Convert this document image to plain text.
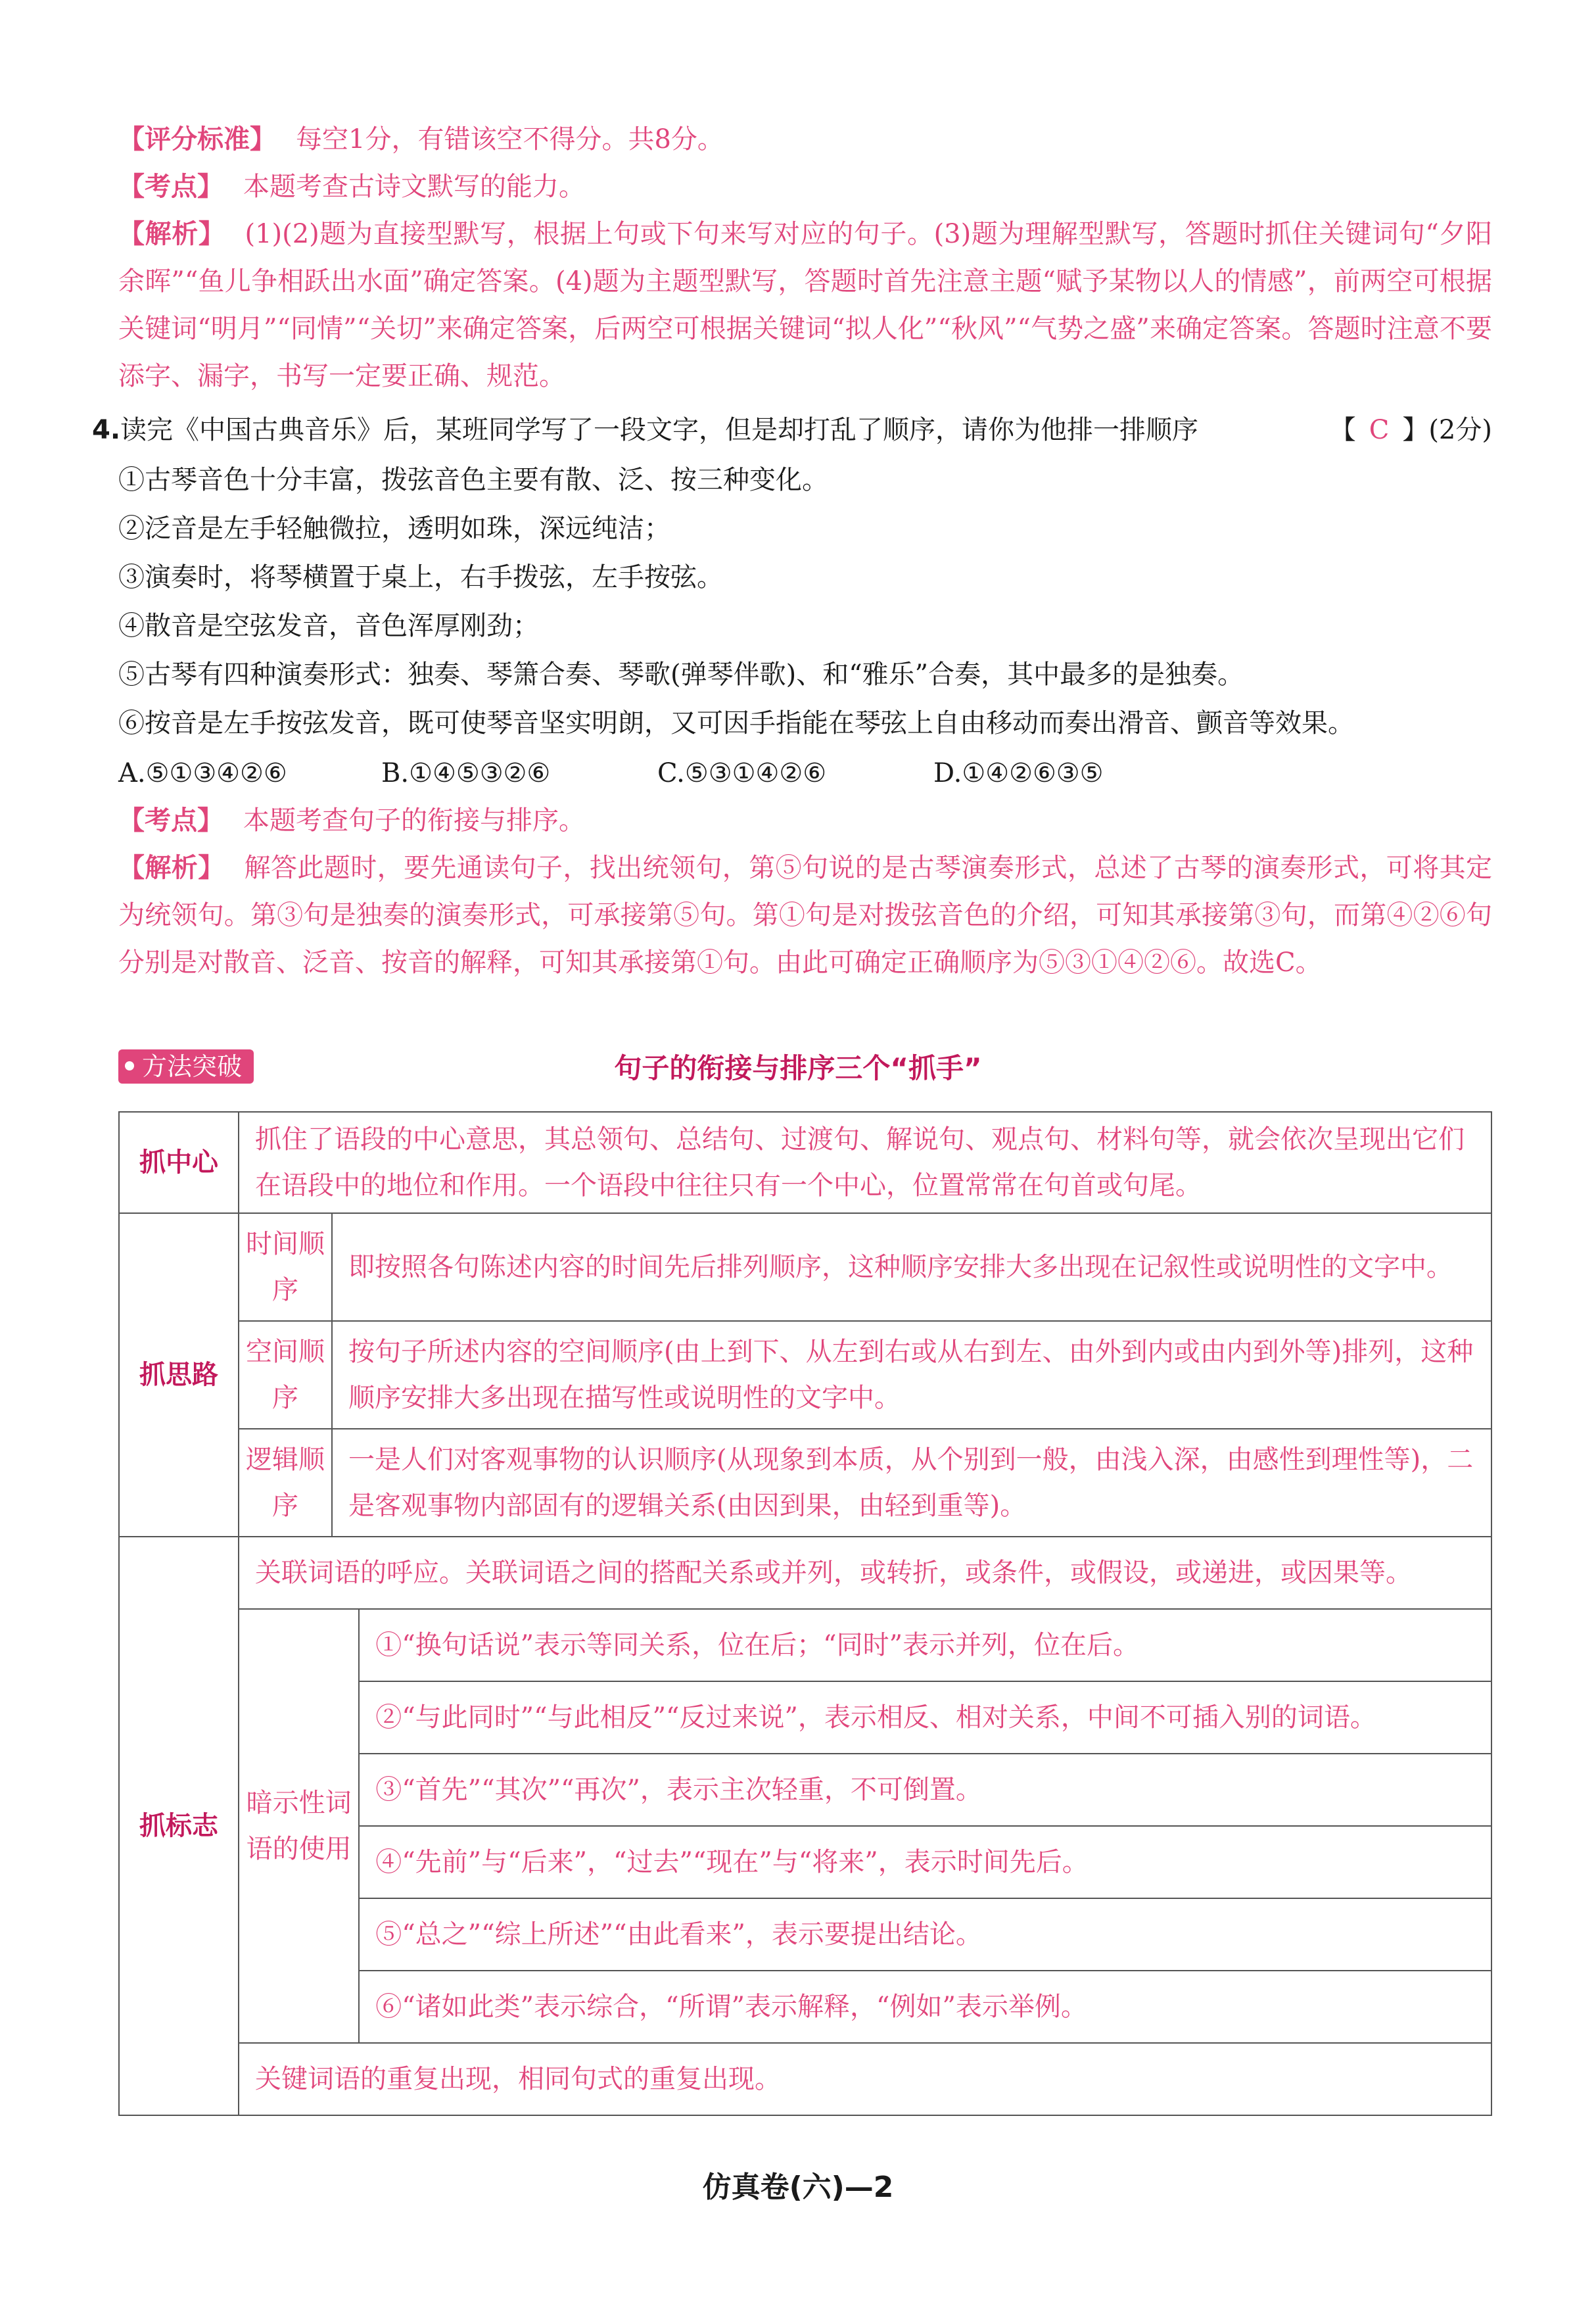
【评分标准】 每空1分，有错该空不得分。共8分。
【考点】 本题考查古诗文默写的能力。
【解析】 (1)(2)题为直接型默写，根据上句或下句来写对应的句子。(3)题为理解型默写，答题时抓住关键词句“夕阳余晖”“鱼儿争相跃出水面”确定答案。(4)题为主题型默写，答题时首先注意主题“赋予某物以人的情感”，前两空可根据关键词“明月”“同情”“关切”来确定答案，后两空可根据关键词“拟人化”“秋风”“气势之盛”来确定答案。答题时注意不要添字、漏字，书写一定要正确、规范。
4.读完《中国古典音乐》后，某班同学写了一段文字，但是却打乱了顺序，请你为他排一排顺序	【 C 】(2分)
①古琴音色十分丰富，拨弦音色主要有散、泛、按三种变化。
②泛音是左手轻触微拉，透明如珠，深远纯洁；
③演奏时，将琴横置于桌上，右手拨弦，左手按弦。
④散音是空弦发音，音色浑厚刚劲；
⑤古琴有四种演奏形式：独奏、琴箫合奏、琴歌(弹琴伴歌)、和“雅乐”合奏，其中最多的是独奏。
⑥按音是左手按弦发音，既可使琴音坚实明朗，又可因手指能在琴弦上自由移动而奏出滑音、颤音等效果。
A.⑤①③④②⑥	B.①④⑤③②⑥	C.⑤③①④②⑥	D.①④②⑥③⑤
【考点】 本题考查句子的衔接与排序。
【解析】 解答此题时，要先通读句子，找出统领句，第⑤句说的是古琴演奏形式，总述了古琴的演奏形式，可将其定为统领句。第③句是独奏的演奏形式，可承接第⑤句。第①句是对拨弦音色的介绍，可知其承接第③句，而第④②⑥句分别是对散音、泛音、按音的解释，可知其承接第①句。由此可确定正确顺序为⑤③①④②⑥。故选C。
方法突破	句子的衔接与排序三个“抓手”
抓中心	抓住了语段的中心意思，其总领句、总结句、过渡句、解说句、观点句、材料句等，就会依次呈现出它们在语段中的地位和作用。一个语段中往往只有一个中心，位置常常在句首或句尾。		
抓思路	时间顺序	即按照各句陈述内容的时间先后排列顺序，这种顺序安排大多出现在记叙性或说明性的文字中。	
	空间顺序	按句子所述内容的空间顺序(由上到下、从左到右或从右到左、由外到内或由内到外等)排列，这种顺序安排大多出现在描写性或说明性的文字中。	
	逻辑顺序	一是人们对客观事物的认识顺序(从现象到本质，从个别到一般，由浅入深，由感性到理性等)，二是客观事物内部固有的逻辑关系(由因到果，由轻到重等)。	
抓标志	关联词语的呼应。关联词语之间的搭配关系或并列，或转折，或条件，或假设，或递进，或因果等。		
	暗示性词语的使用		①“换句话说”表示等同关系，位在后；“同时”表示并列，位在后。
			②“与此同时”“与此相反”“反过来说”，表示相反、相对关系，中间不可插入别的词语。
			③“首先”“其次”“再次”，表示主次轻重，不可倒置。
			④“先前”与“后来”，“过去”“现在”与“将来”，表示时间先后。
			⑤“总之”“综上所述”“由此看来”，表示要提出结论。
			⑥“诸如此类”表示综合，“所谓”表示解释，“例如”表示举例。
	关键词语的重复出现，相同句式的重复出现。		
仿真卷(六)—2
